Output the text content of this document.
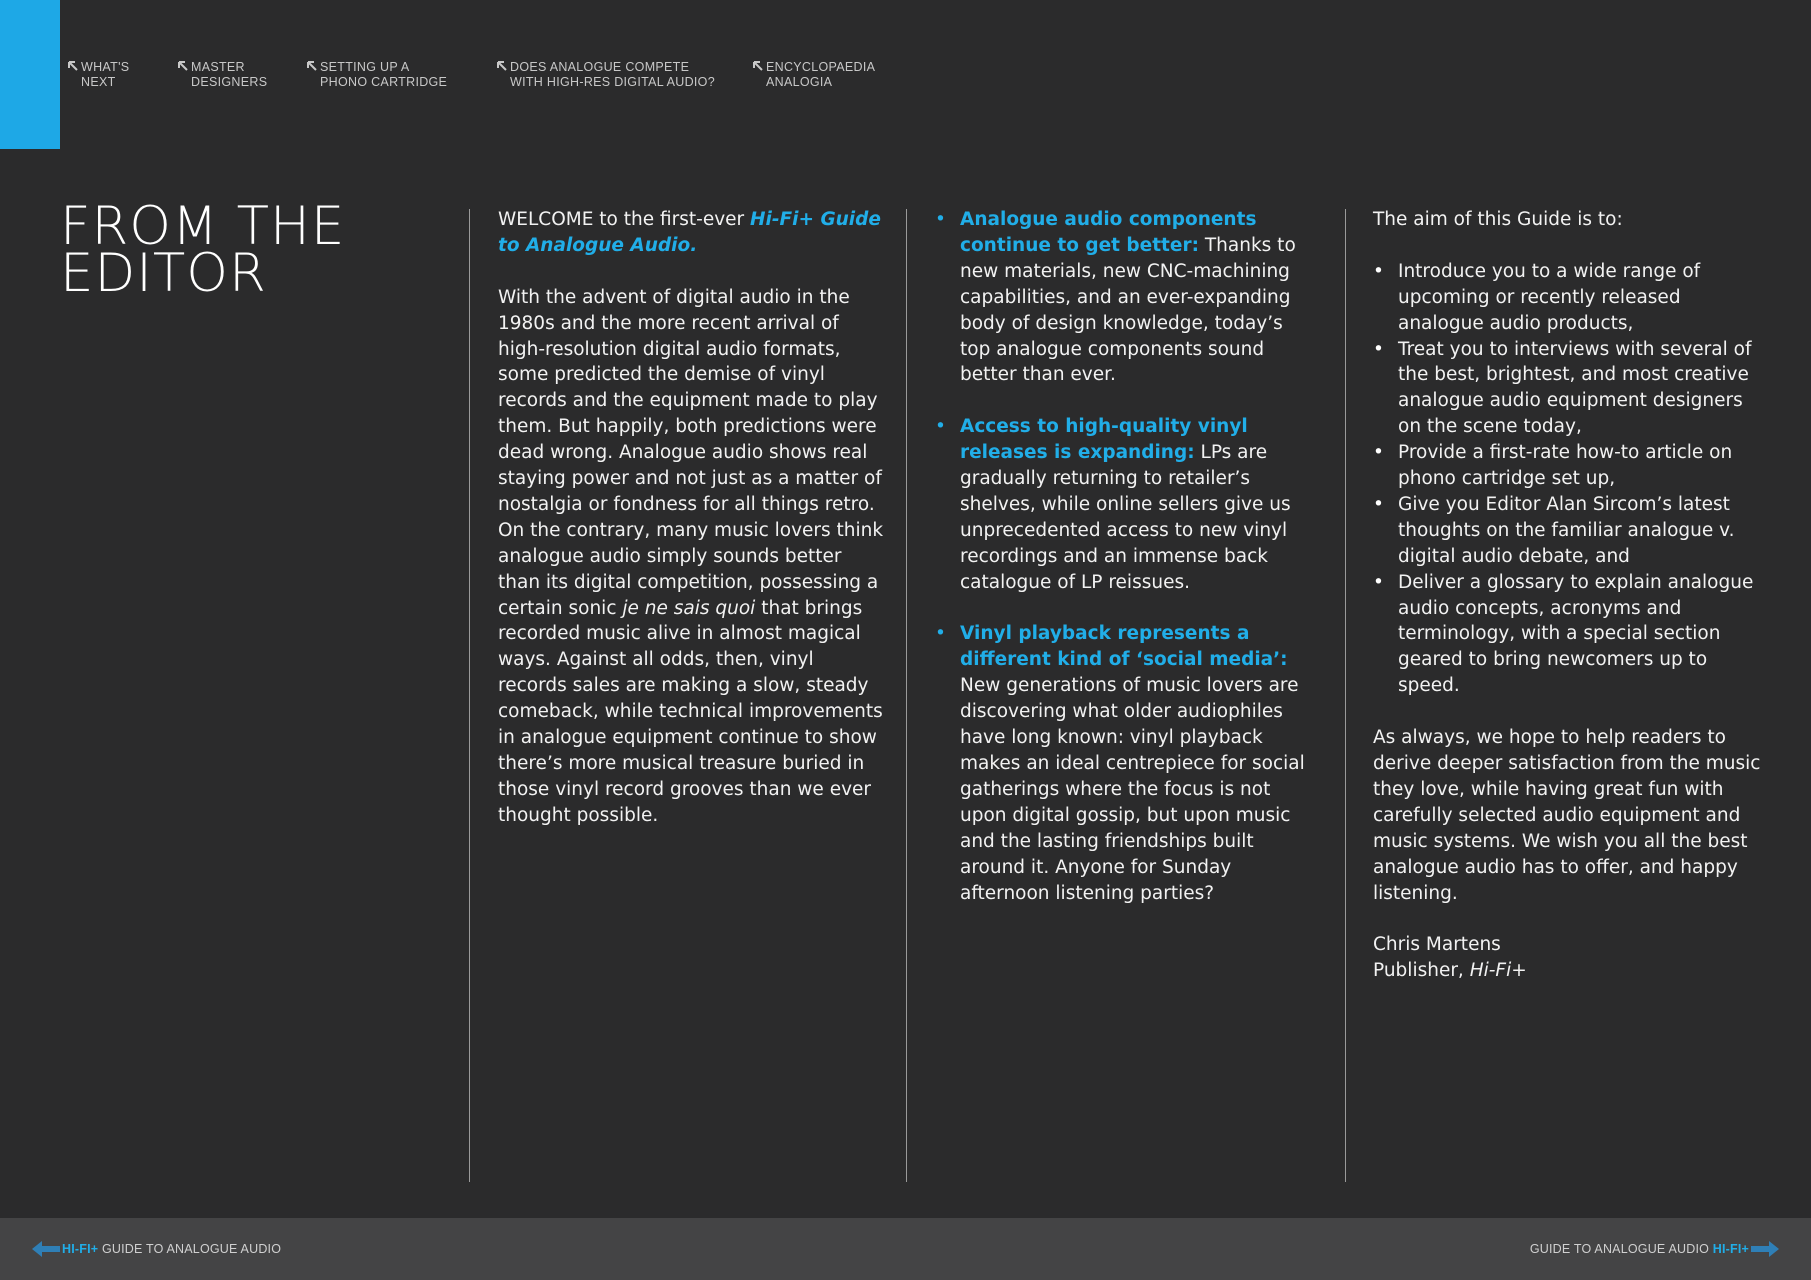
WHAT'S
NEXT
MASTER
DESIGNERS
SETTING UP A
PHONO CARTRIDGE
DOES ANALOGUE COMPETE
WITH HIGH-RES DIGITAL AUDIO?
ENCYCLOPAEDIA
ANALOGIA
FROM THE
EDITOR

WELCOME to the first-ever Hi-Fi+ Guide to Analogue Audio.

With the advent of digital audio in the 1980s and the more recent arrival of high-resolution digital audio formats, some predicted the demise of vinyl records and the equipment made to play them. But happily, both predictions were dead wrong. Analogue audio shows real staying power and not just as a matter of nostalgia or fondness for all things retro. On the contrary, many music lovers think analogue audio simply sounds better than its digital competition, possessing a certain sonic je ne sais quoi that brings recorded music alive in almost magical ways. Against all odds, then, vinyl records sales are making a slow, steady comeback, while technical improvements in analogue equipment continue to show there’s more musical treasure buried in those vinyl record grooves than we ever thought possible.

• Analogue audio components continue to get better: Thanks to new materials, new CNC-machining capabilities, and an ever-expanding body of design knowledge, today’s top analogue components sound better than ever.
• Access to high-quality vinyl releases is expanding: LPs are gradually returning to retailer’s shelves, while online sellers give us unprecedented access to new vinyl recordings and an immense back catalogue of LP reissues.
• Vinyl playback represents a different kind of ‘social media’: New generations of music lovers are discovering what older audiophiles have long known: vinyl playback makes an ideal centrepiece for social gatherings where the focus is not upon digital gossip, but upon music and the lasting friendships built around it. Anyone for Sunday afternoon listening parties?

The aim of this Guide is to:

• Introduce you to a wide range of upcoming or recently released analogue audio products,
• Treat you to interviews with several of the best, brightest, and most creative analogue audio equipment designers on the scene today,
• Provide a first-rate how-to article on phono cartridge set up,
• Give you Editor Alan Sircom’s latest thoughts on the familiar analogue v. digital audio debate, and
• Deliver a glossary to explain analogue audio concepts, acronyms and terminology, with a special section geared to bring newcomers up to speed.

As always, we hope to help readers to derive deeper satisfaction from the music they love, while having great fun with carefully selected audio equipment and music systems. We wish you all the best analogue audio has to offer, and happy listening.

Chris Martens
Publisher, Hi-Fi+
HI-FI+ GUIDE TO ANALOGUE AUDIO	GUIDE TO ANALOGUE AUDIO HI-FI+
